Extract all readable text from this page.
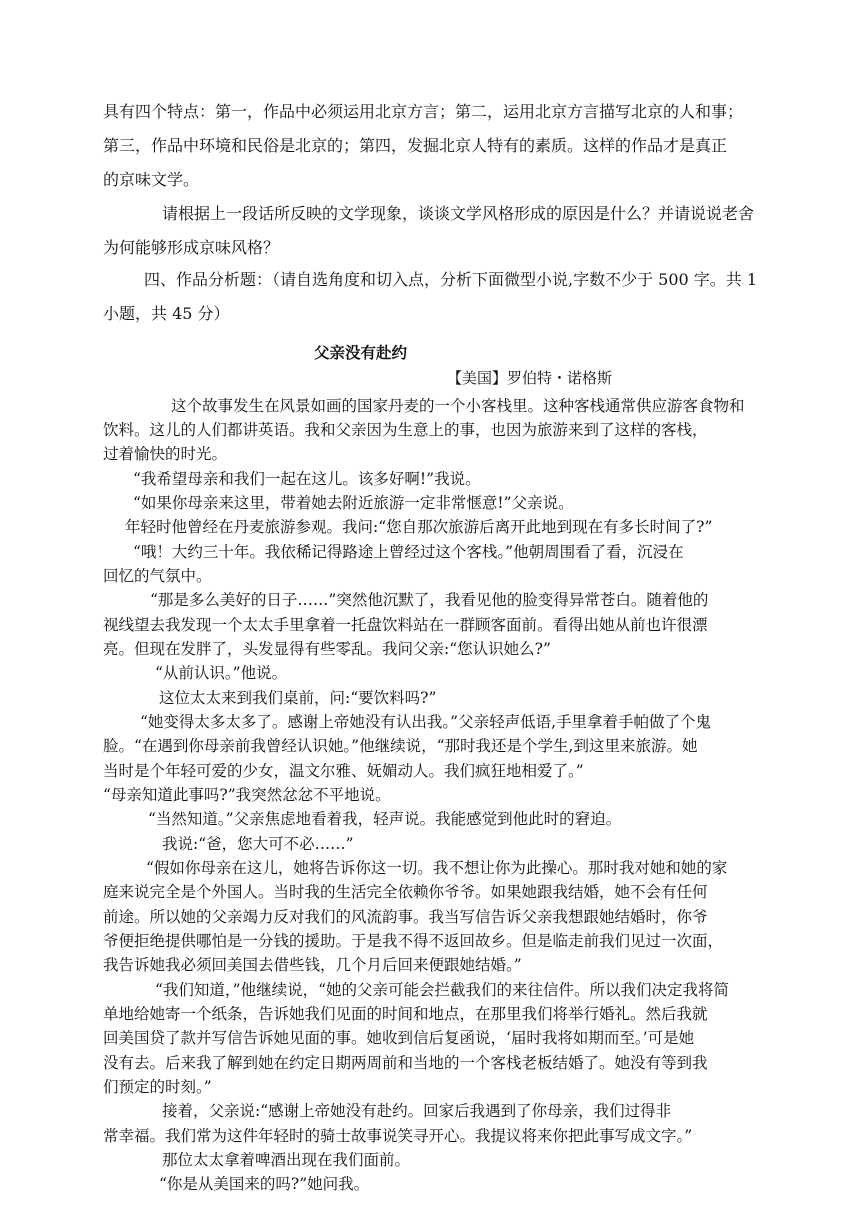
具有四个特点：第一，作品中必须运用北京方言；第二，运用北京方言描写北京的人和事；
第三，作品中环境和民俗是北京的；第四，发掘北京人特有的素质。这样的作品才是真正
的京味文学。
请根据上一段话所反映的文学现象，谈谈文学风格形成的原因是什么？并请说说老舍
为何能够形成京味风格？
四、作品分析题：（请自选角度和切入点，分析下面微型小说,字数不少于 500 字。共 1
小题，共 45 分）
父亲没有赴约
【美国】罗伯特・诺格斯
这个故事发生在风景如画的国家丹麦的一个小客栈里。这种客栈通常供应游客食物和
饮料。这儿的人们都讲英语。我和父亲因为生意上的事，也因为旅游来到了这样的客栈，
过着愉快的时光。
“我希望母亲和我们一起在这儿。该多好啊!”我说。
“如果你母亲来这里，带着她去附近旅游一定非常惬意!”父亲说。
年轻时他曾经在丹麦旅游参观。我问:“您自那次旅游后离开此地到现在有多长时间了?”
“哦！大约三十年。我依稀记得路途上曾经过这个客栈。”他朝周围看了看，沉浸在
回忆的气氛中。
“那是多么美好的日子……”突然他沉默了，我看见他的脸变得异常苍白。随着他的
视线望去我发现一个太太手里拿着一托盘饮料站在一群顾客面前。看得出她从前也许很漂
亮。但现在发胖了，头发显得有些零乱。我问父亲:“您认识她么?”
“从前认识。”他说。
这位太太来到我们桌前，问:“要饮料吗?”
“她变得太多太多了。感谢上帝她没有认出我。”父亲轻声低语,手里拿着手帕做了个鬼
脸。“在遇到你母亲前我曾经认识她。”他继续说，“那时我还是个学生,到这里来旅游。她
当时是个年轻可爱的少女，温文尔雅、妩媚动人。我们疯狂地相爱了。”
“母亲知道此事吗?”我突然忿忿不平地说。
“当然知道。”父亲焦虑地看着我，轻声说。我能感觉到他此时的窘迫。
我说:“爸，您大可不必……”
“假如你母亲在这儿，她将告诉你这一切。我不想让你为此操心。那时我对她和她的家
庭来说完全是个外国人。当时我的生活完全依赖你爷爷。如果她跟我结婚，她不会有任何
前途。所以她的父亲竭力反对我们的风流韵事。我当写信告诉父亲我想跟她结婚时，你爷
爷便拒绝提供哪怕是一分钱的援助。于是我不得不返回故乡。但是临走前我们见过一次面，
我告诉她我必须回美国去借些钱，几个月后回来便跟她结婚。”
“我们知道，”他继续说，“她的父亲可能会拦截我们的来往信件。所以我们决定我将简
单地给她寄一个纸条，告诉她我们见面的时间和地点，在那里我们将举行婚礼。然后我就
回美国贷了款并写信告诉她见面的事。她收到信后复函说，‘届时我将如期而至。’可是她
没有去。后来我了解到她在约定日期两周前和当地的一个客栈老板结婚了。她没有等到我
们预定的时刻。”
接着，父亲说:“感谢上帝她没有赴约。回家后我遇到了你母亲，我们过得非
常幸福。我们常为这件年轻时的骑士故事说笑寻开心。我提议将来你把此事写成文字。”
那位太太拿着啤酒出现在我们面前。
“你是从美国来的吗?”她问我。
